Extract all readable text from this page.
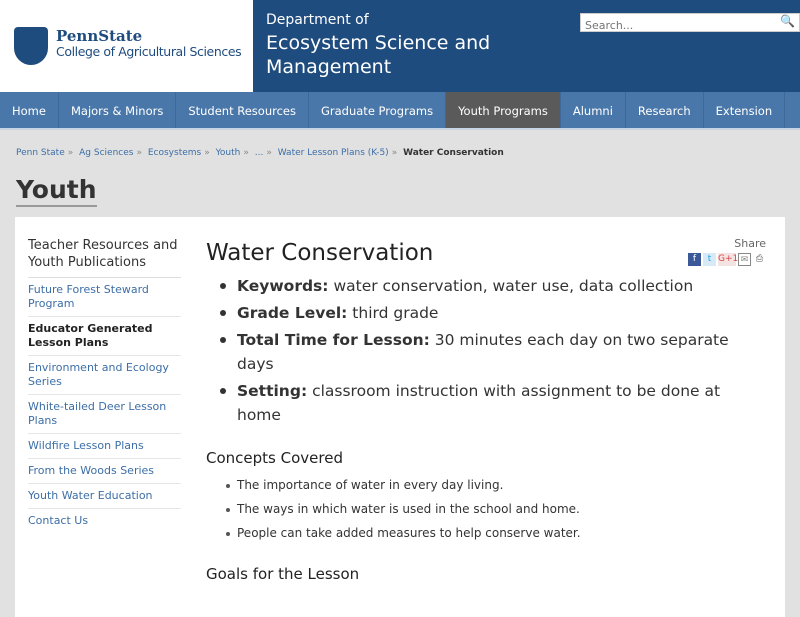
PennState
College of Agricultural Sciences
Department of
Ecosystem Science and Management
Search...
🔍
Home	Majors & Minors	Student Resources	Graduate Programs	Youth Programs	Alumni	Research	Extension
Penn State » Ag Sciences » Ecosystems » Youth » ... » Water Lesson Plans (K-5) » Water Conservation
Youth
Teacher Resources and Youth Publications
Future Forest Steward Program
Educator Generated Lesson Plans
Environment and Ecology Series
White-tailed Deer Lesson Plans
Wildfire Lesson Plans
From the Woods Series
Youth Water Education
Contact Us
Water Conservation	Share
f	t G+1 ✉ ⎙
Keywords: water conservation, water use, data collection
Grade Level: third grade
Total Time for Lesson: 30 minutes each day on two separate days
Setting: classroom instruction with assignment to be done at home
Concepts Covered
The importance of water in every day living.
The ways in which water is used in the school and home.
People can take added measures to help conserve water.
Goals for the Lesson
